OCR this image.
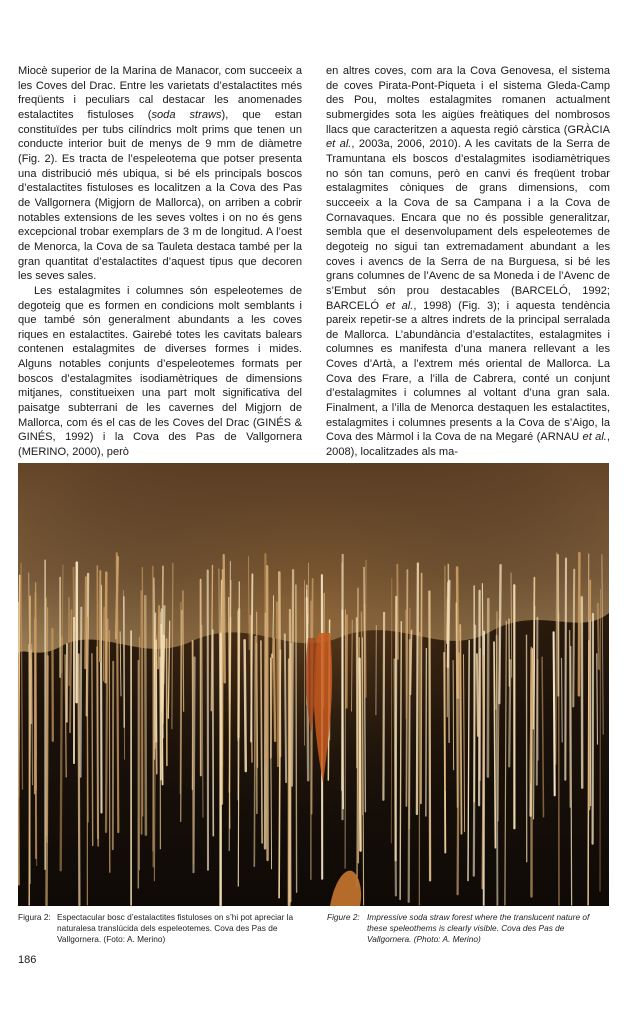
Miocè superior de la Marina de Manacor, com succeeix a les Coves del Drac. Entre les varietats d’estalactites més freqüents i peculiars cal destacar les anomenades estalactites fistuloses (soda straws), que estan constituïdes per tubs cilíndrics molt prims que tenen un conducte interior buit de menys de 9 mm de diàmetre (Fig. 2). Es tracta de l’espeleotema que potser presenta una distribució més ubiqua, si bé els principals boscos d’estalactites fistuloses es localitzen a la Cova des Pas de Vallgornera (Migjorn de Mallorca), on arriben a cobrir notables extensions de les seves voltes i on no és gens excepcional trobar exemplars de 3 m de longitud. A l’oest de Menorca, la Cova de sa Tauleta destaca també per la gran quantitat d’estalactites d’aquest tipus que decoren les seves sales.

Les estalagmites i columnes són espeleotemes de degoteig que es formen en condicions molt semblants i que també són generalment abundants a les coves riques en estalactites. Gairebé totes les cavitats balears contenen estalagmites de diverses formes i mides. Alguns notables conjunts d’espeleotemes formats per boscos d’estalagmites isodiamètriques de dimensions mitjanes, constitueixen una part molt significativa del paisatge subterrani de les cavernes del Migjorn de Mallorca, com és el cas de les Coves del Drac (GINÉS & GINÉS, 1992) i la Cova des Pas de Vallgornera (MERINO, 2000), però

en altres coves, com ara la Cova Genovesa, el sistema de coves Pirata-Pont-Piqueta i el sistema Gleda-Camp des Pou, moltes estalagmites romanen actualment submergides sota les aigües freàtiques del nombrosos llacs que caracteritzen a aquesta regió càrstica (GRÀCIA et al., 2003a, 2006, 2010). A les cavitats de la Serra de Tramuntana els boscos d’estalagmites isodiamètriques no són tan comuns, però en canvi és freqüent trobar estalagmites còniques de grans dimensions, com succeeix a la Cova de sa Campana i a la Cova de Cornavaques. Encara que no és possible generalitzar, sembla que el desenvolupament dels espeleotemes de degoteig no sigui tan extremadament abundant a les coves i avencs de la Serra de na Burguesa, si bé les grans columnes de l’Avenc de sa Moneda i de l’Avenc de s’Embut són prou destacables (BARCELÓ, 1992; BARCELÓ et al., 1998) (Fig. 3); i aquesta tendència pareix repetir-se a altres indrets de la principal serralada de Mallorca. L’abundància d’estalactites, estalagmites i columnes es manifesta d’una manera rellevant a les Coves d’Artà, a l’extrem més oriental de Mallorca. La Cova des Frare, a l’illa de Cabrera, conté un conjunt d’estalagmites i columnes al voltant d’una gran sala. Finalment, a l’illa de Menorca destaquen les estalactites, estalagmites i columnes presents a la Cova de s’Aigo, la Cova des Màrmol i la Cova de na Megaré (ARNAU et al., 2008), localitzades als ma-

Figura 2: Espectacular bosc d’estalactites fistuloses on s’hi pot apreciar la naturalesa translúcida dels espeleotemes. Cova des Pas de Vallgornera. (Foto: A. Merino)
Figure 2: Impressive soda straw forest where the translucent nature of these speleothems is clearly visible. Cova des Pas de Vallgornera. (Photo: A. Merino)
186
